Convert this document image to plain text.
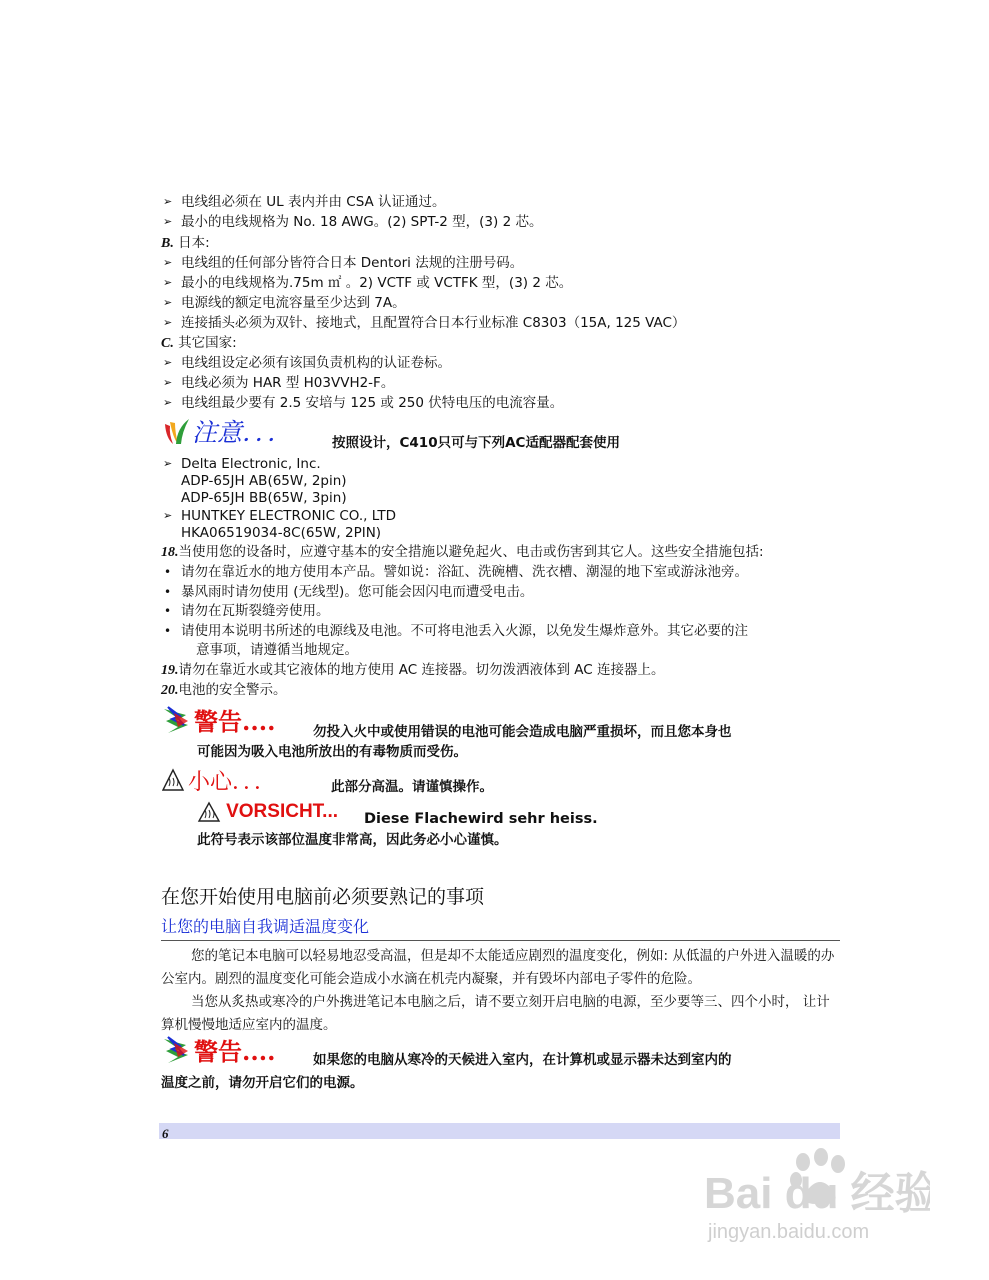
➢ 电线组必须在 UL 表内并由 CSA 认证通过。
➢ 最小的电线规格为 No. 18 AWG。(2) SPT-2 型，(3) 2 芯。
B. 日本:
➢ 电线组的任何部分皆符合日本 Dentori 法规的注册号码。
➢ 最小的电线规格为.75m ㎡ 。2) VCTF 或 VCTFK 型，(3) 2 芯。
➢ 电源线的额定电流容量至少达到 7A。
➢ 连接插头必须为双针、接地式，且配置符合日本行业标准 C8303（15A, 125 VAC）
C. 其它国家:
➢ 电线组设定必须有该国负责机构的认证卷标。
➢ 电线必须为 HAR 型 H03VVH2-F。
➢ 电线组最少要有 2.5 安培与 125 或 250 伏特电压的电流容量。
注意．．．	按照设计，C410只可与下列AC适配器配套使用
➢ Delta Electronic, Inc.
ADP-65JH AB(65W, 2pin)
ADP-65JH BB(65W, 3pin)
➢ HUNTKEY ELECTRONIC CO., LTD
HKA06519034-8C(65W, 2PIN)
18.当使用您的设备时，应遵守基本的安全措施以避免起火、电击或伤害到其它人。这些安全措施包括:
• 请勿在靠近水的地方使用本产品。譬如说：浴缸、洗碗槽、洗衣槽、潮湿的地下室或游泳池旁。
• 暴风雨时请勿使用 (无线型)。您可能会因闪电而遭受电击。
• 请勿在瓦斯裂缝旁使用。
• 请使用本说明书所述的电源线及电池。不可将电池丢入火源，以免发生爆炸意外。其它必要的注
意事项，请遵循当地规定。
19.请勿在靠近水或其它液体的地方使用 AC 连接器。切勿泼洒液体到 AC 连接器上。
20.电池的安全警示。
警告....	勿投入火中或使用错误的电池可能会造成电脑严重损坏，而且您本身也
可能因为吸入电池所放出的有毒物质而受伤。
小心．．．	此部分高温。请谨慎操作。
VORSICHT... Diese Flachewird sehr heiss.
此符号表示该部位温度非常高，因此务必小心谨慎。
在您开始使用电脑前必须要熟记的事项
让您的电脑自我调适温度变化
您的笔记本电脑可以轻易地忍受高温，但是却不太能适应剧烈的温度变化，例如: 从低温的户外进入温暖的办公室内。剧烈的温度变化可能会造成小水滴在机壳内凝聚，并有毁坏内部电子零件的危险。
当您从炙热或寒冷的户外携进笔记本电脑之后，请不要立刻开启电脑的电源，至少要等三、四个小时， 让计算机慢慢地适应室内的温度。
警告....	如果您的电脑从寒冷的天候进入室内，在计算机或显示器未达到室内的
温度之前，请勿开启它们的电源。
6
Bai du 经验
jingyan.baidu.com
